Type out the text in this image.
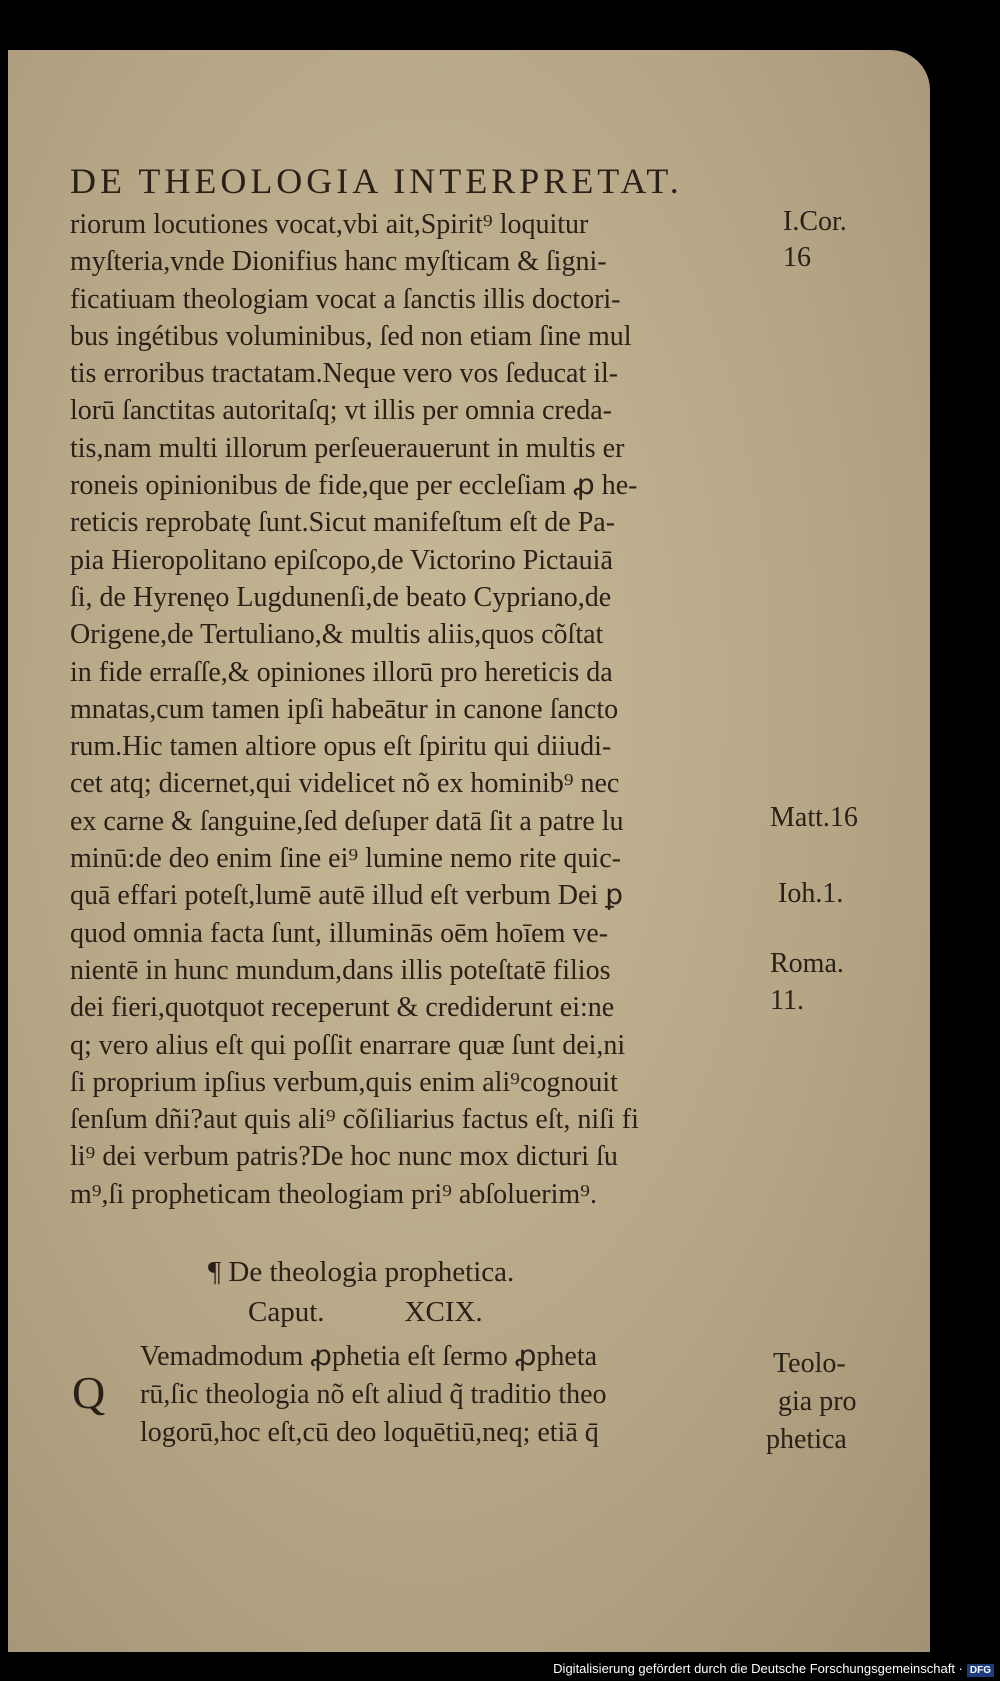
DE THEOLOGIA INTERPRETAT.
riorum locutiones vocat,vbi ait,Spirit⁹ loquitur
myſteria,vnde Dionifius hanc myſticam & ſigni-
ficatiuam theologiam vocat a ſanctis illis doctori-
bus ingétibus voluminibus, ſed non etiam ſine mul
tis erroribus tractatam.Neque vero vos ſeducat il-
lorū ſanctitas autoritaſq; vt illis per omnia creda-
tis,nam multi illorum perſeuerauerunt in multis er
roneis opinionibus de fide,que per eccleſiam ꝓ he-
reticis reprobatę ſunt.Sicut manifeſtum eſt de Pa-
pia Hieropolitano epiſcopo,de Victorino Pictauiā
ſi, de Hyrenęo Lugdunenſi,de beato Cypriano,de
Origene,de Tertuliano,& multis aliis,quos cõſtat
in fide erraſſe,& opiniones illorū pro hereticis da
mnatas,cum tamen ipſi habeātur in canone ſancto
rum.Hic tamen altiore opus eſt ſpiritu qui diiudi-
cet atq; dicernet,qui videlicet nõ ex hominib⁹ nec
ex carne & ſanguine,ſed deſuper datā ſit a patre lu
minū:de deo enim ſine ei⁹ lumine nemo rite quic-
quā effari poteſt,lumē autē illud eſt verbum Dei ꝑ
quod omnia facta ſunt, illuminās oēm hoīem ve-
nientē in hunc mundum,dans illis poteſtatē filios
dei fieri,quotquot receperunt & crediderunt ei:ne
q; vero alius eſt qui poſſit enarrare quæ ſunt dei,ni
ſi proprium ipſius verbum,quis enim ali⁹cognouit
ſenſum dñi?aut quis ali⁹ cõſiliarius factus eſt, niſi fi
li⁹ dei verbum patris?De hoc nunc mox dicturi ſu
m⁹,ſi propheticam theologiam pri⁹ abſoluerim⁹.
¶ De theologia prophetica.
Caput.	XCIX.
Q
Vemadmodum ꝓphetia eſt ſermo ꝓpheta
rū,ſic theologia nõ eſt aliud q̃ traditio theo
logorū,hoc eſt,cū deo loquētiū,neq; etiā q̄
I.Cor.
16
Matt.16
Ioh.1.
Roma.
11.
Teolo-
gia pro
phetica
Digitalisierung gefördert durch die Deutsche Forschungsgemeinschaft · DFG
